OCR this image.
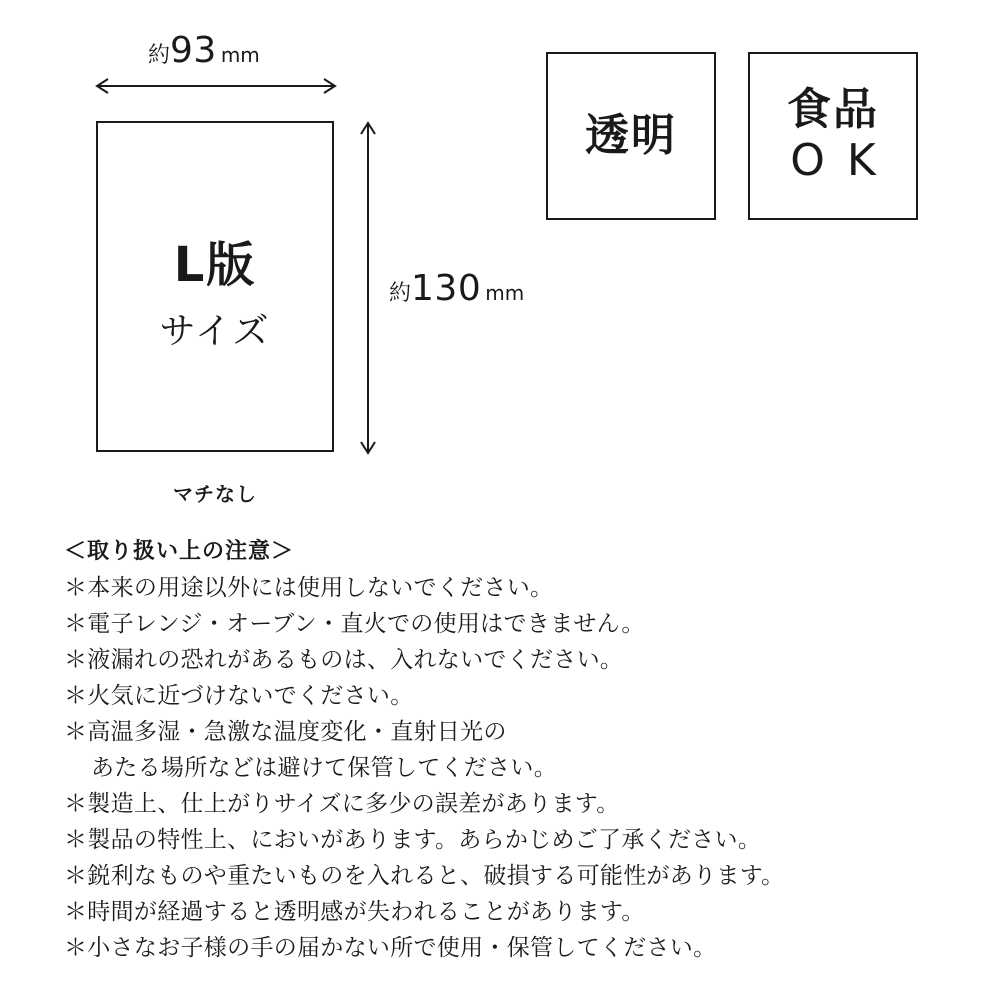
約93 mm
L版
サイズ
マチなし
約130 mm
透明	食品
OK
＜取り扱い上の注意＞
＊本来の用途以外には使用しないでください。
＊電子レンジ・オーブン・直火での使用はできません。
＊液漏れの恐れがあるものは、入れないでください。
＊火気に近づけないでください。
＊高温多湿・急激な温度変化・直射日光の
あたる場所などは避けて保管してください。
＊製造上、仕上がりサイズに多少の誤差があります。
＊製品の特性上、においがあります。あらかじめご了承ください。
＊鋭利なものや重たいものを入れると、破損する可能性があります。
＊時間が経過すると透明感が失われることがあります。
＊小さなお子様の手の届かない所で使用・保管してください。
